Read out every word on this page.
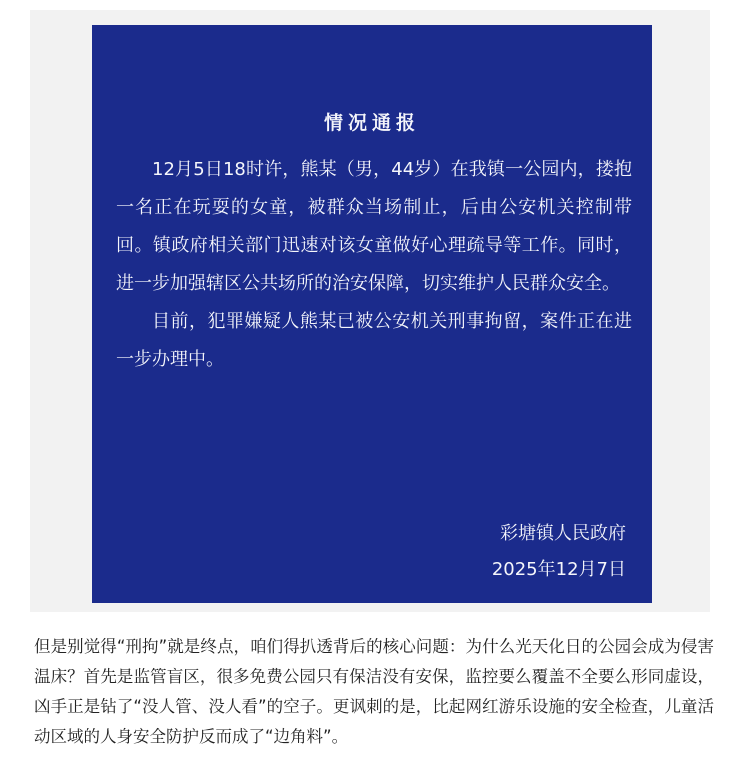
情况通报

12月5日18时许，熊某（男，44岁）在我镇一公园内，搂抱一名正在玩耍的女童，被群众当场制止，后由公安机关控制带回。镇政府相关部门迅速对该女童做好心理疏导等工作。同时，进一步加强辖区公共场所的治安保障，切实维护人民群众安全。

目前，犯罪嫌疑人熊某已被公安机关刑事拘留，案件正在进一步办理中。

彩塘镇人民政府
2025年12月7日

但是别觉得“刑拘”就是终点，咱们得扒透背后的核心问题：为什么光天化日的公园会成为侵害温床？首先是监管盲区，很多免费公园只有保洁没有安保，监控要么覆盖不全要么形同虚设，凶手正是钻了“没人管、没人看”的空子。更讽刺的是，比起网红游乐设施的安全检查，儿童活动区域的人身安全防护反而成了“边角料”。
